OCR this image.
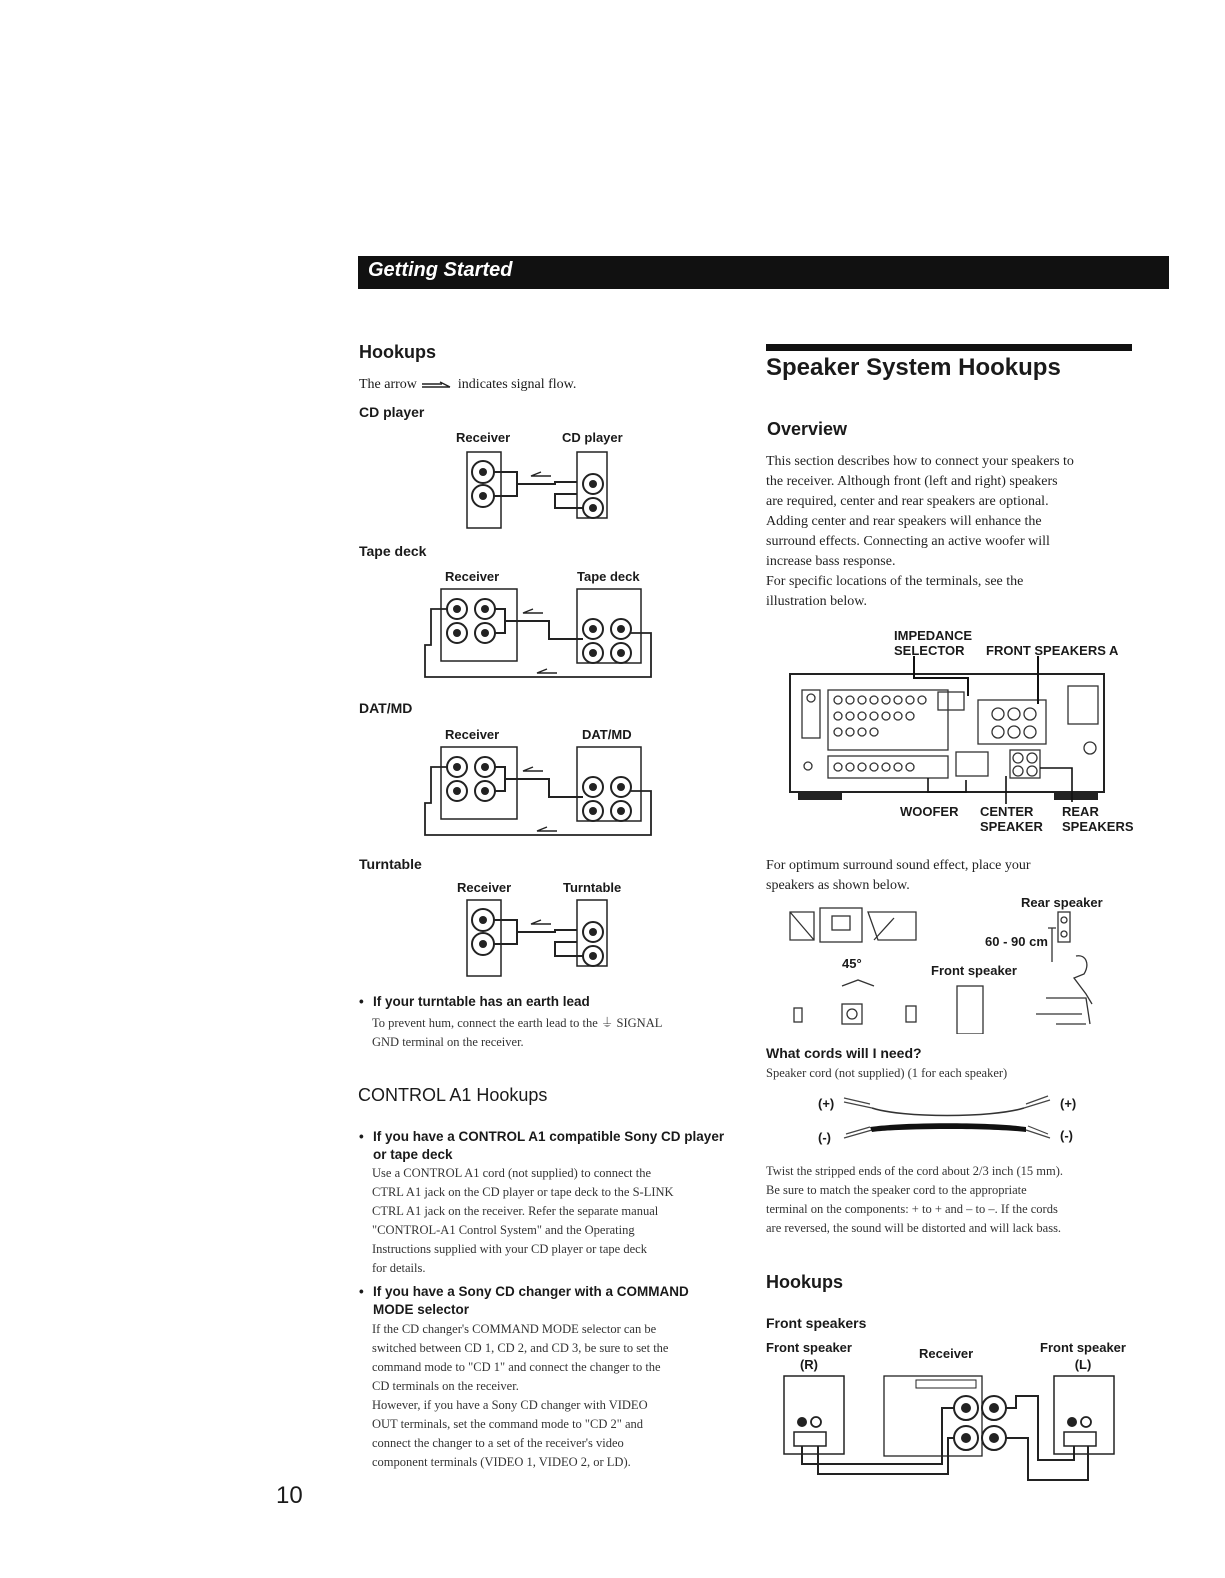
Getting Started
Hookups
The arrow	indicates signal flow.
CD player
Receiver	CD player
Tape deck
Receiver	Tape deck
DAT/MD
Receiver	DAT/MD
Turntable
Receiver	Turntable
• If your turntable has an earth lead
To prevent hum, connect the earth lead to the ⏚ SIGNAL
GND terminal on the receiver.
CONTROL A1 Hookups
• If you have a CONTROL A1 compatible Sony CD player
or tape deck
Use a CONTROL A1 cord (not supplied) to connect the
CTRL A1 jack on the CD player or tape deck to the S-LINK
CTRL A1 jack on the receiver. Refer the separate manual
"CONTROL-A1 Control System" and the Operating
Instructions supplied with your CD player or tape deck
for details.
• If you have a Sony CD changer with a COMMAND
MODE selector
If the CD changer's COMMAND MODE selector can be
switched between CD 1, CD 2, and CD 3, be sure to set the
command mode to "CD 1" and connect the changer to the
CD terminals on the receiver.
However, if you have a Sony CD changer with VIDEO
OUT terminals, set the command mode to "CD 2" and
connect the changer to a set of the receiver's video
component terminals (VIDEO 1, VIDEO 2, or LD).
10
Speaker System Hookups
Overview
This section describes how to connect your speakers to
the receiver. Although front (left and right) speakers
are required, center and rear speakers are optional.
Adding center and rear speakers will enhance the
surround effects. Connecting an active woofer will
increase bass response.
For specific locations of the terminals, see the
illustration below.
IMPEDANCE
SELECTOR	FRONT SPEAKERS A
WOOFER CENTER
SPEAKER
REAR
SPEAKERS
For optimum surround sound effect, place your
speakers as shown below.
Rear speaker
60 - 90 cm
45°	Front speaker
What cords will I need?
Speaker cord (not supplied) (1 for each speaker)
(+)	(+)
(-)	(-)
Twist the stripped ends of the cord about 2/3 inch (15 mm).
Be sure to match the speaker cord to the appropriate
terminal on the components: + to + and – to –. If the cords
are reversed, the sound will be distorted and will lack bass.
Hookups
Front speakers
Front speaker
(R)
Receiver	Front speaker
(L)
